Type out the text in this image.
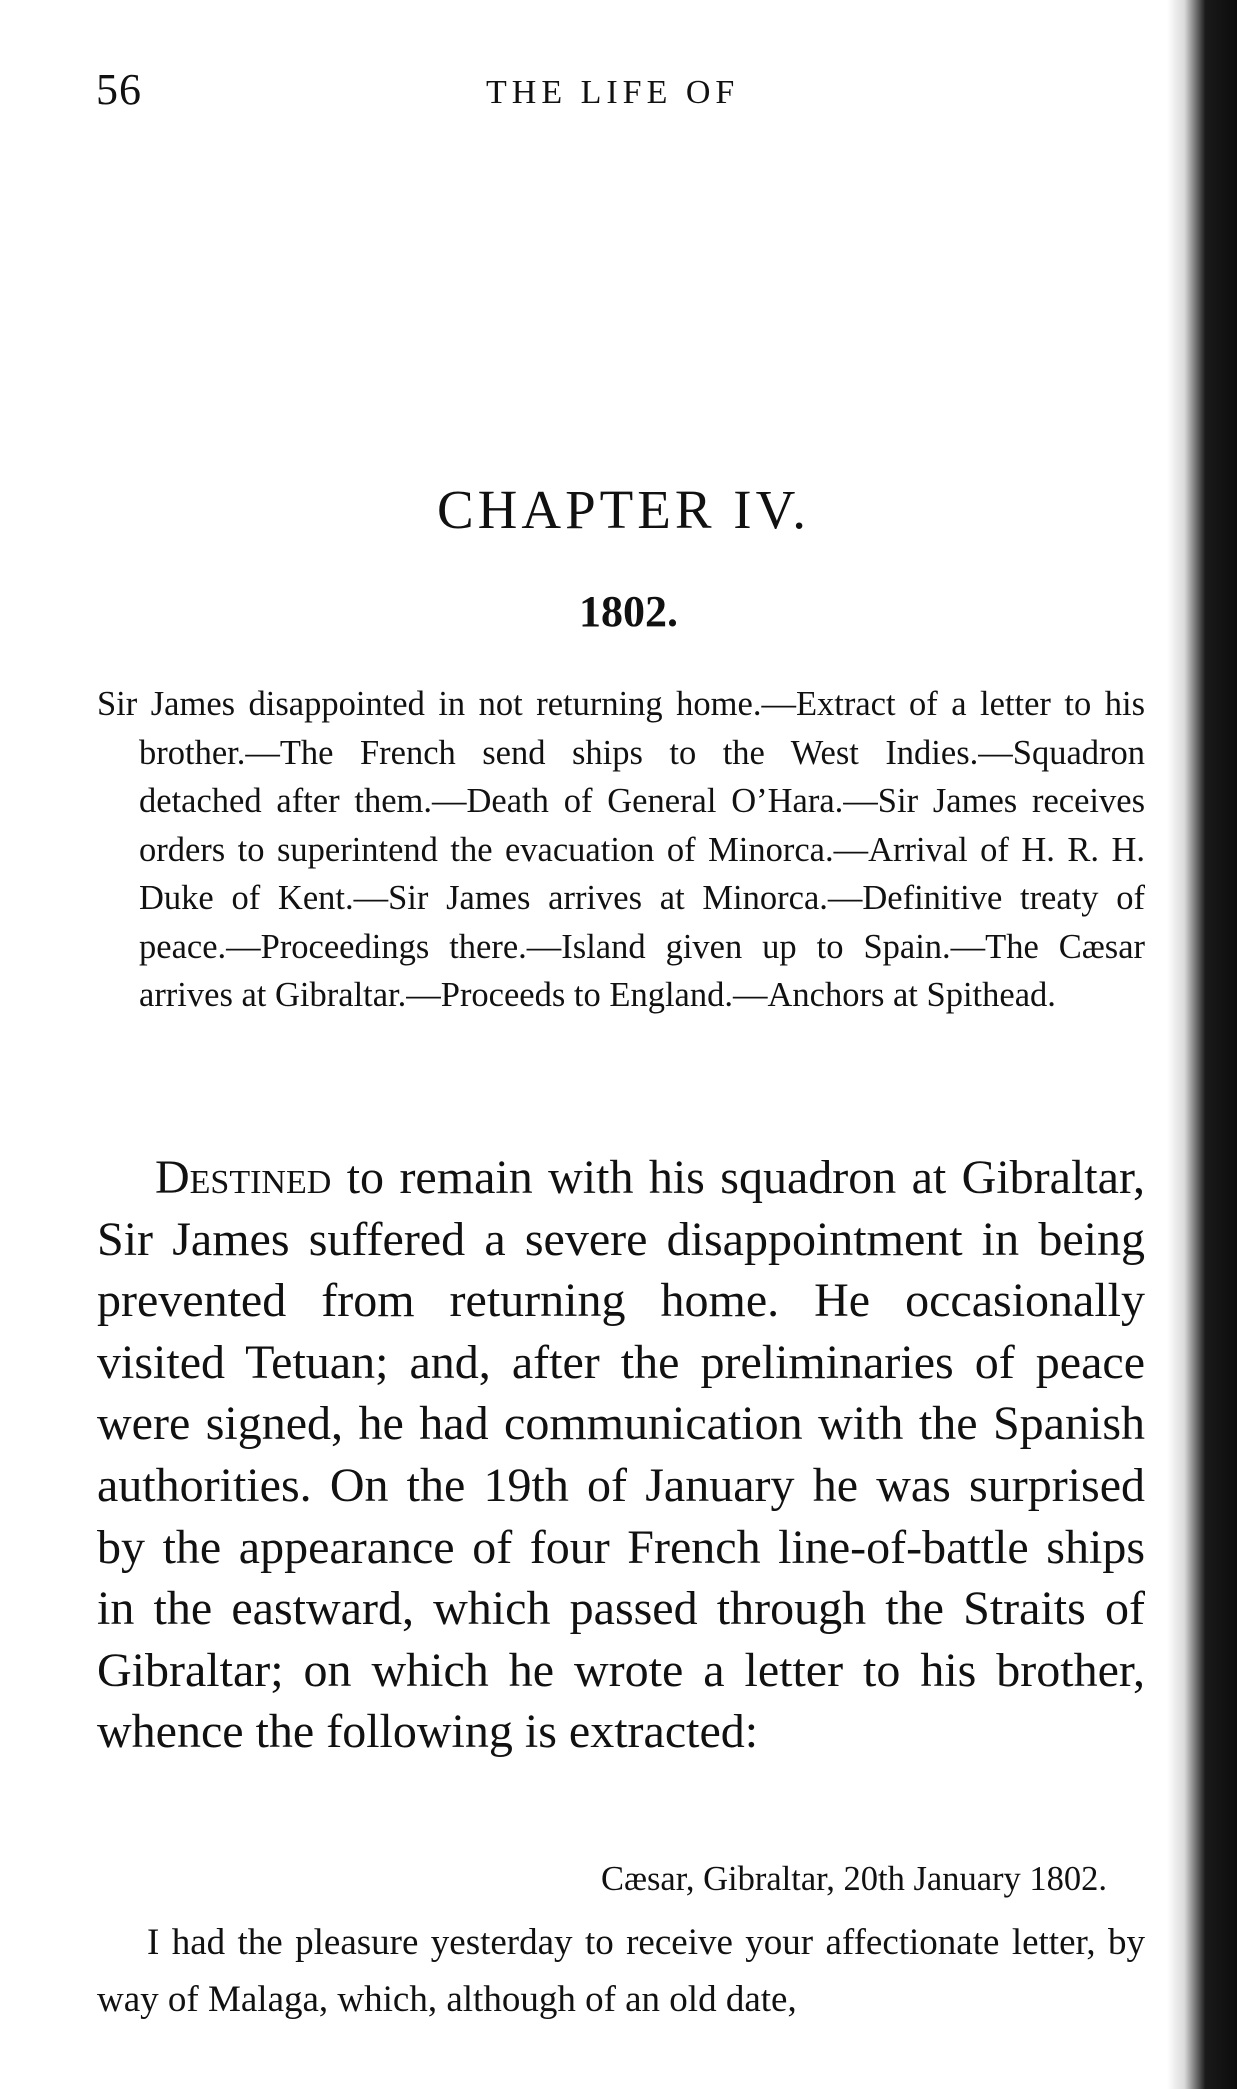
56	THE LIFE OF
CHAPTER IV.
1802.

Sir James disappointed in not returning home.—Extract of a letter to his brother.—The French send ships to the West Indies.—Squadron detached after them.—Death of General O’Hara.—Sir James receives orders to superintend the evacuation of Minorca.—Arrival of H. R. H. Duke of Kent.—Sir James arrives at Minorca.—Definitive treaty of peace.—Proceedings there.—Island given up to Spain.—The Cæsar arrives at Gibraltar.—Proceeds to England.—Anchors at Spithead.

Destined to remain with his squadron at Gibraltar, Sir James suffered a severe disappointment in being prevented from returning home. He occasionally visited Tetuan; and, after the preliminaries of peace were signed, he had communication with the Spanish authorities. On the 19th of January he was surprised by the appearance of four French line-of-battle ships in the eastward, which passed through the Straits of Gibraltar; on which he wrote a letter to his brother, whence the following is extracted:

Cæsar, Gibraltar, 20th January 1802.

I had the pleasure yesterday to receive your affectionate letter, by way of Malaga, which, although of an old date,
